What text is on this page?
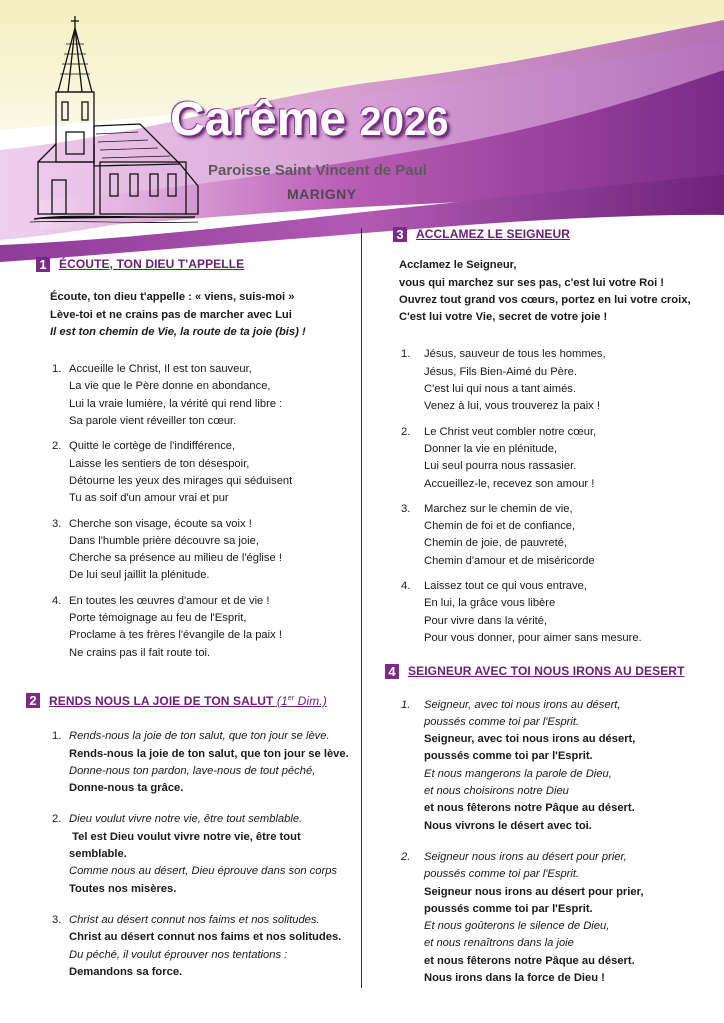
Carême 2026
Paroisse Saint Vincent de Paul
MARIGNY
1 ÉCOUTE, TON DIEU T'APPELLE
Écoute, ton dieu t'appelle : « viens, suis-moi »
Lève-toi et ne crains pas de marcher avec Lui
Il est ton chemin de Vie, la route de ta joie (bis) !
1. Accueille le Christ, Il est ton sauveur,
La vie que le Père donne en abondance,
Lui la vraie lumière, la vérité qui rend libre :
Sa parole vient réveiller ton cœur.
2. Quitte le cortège de l'indifférence,
Laisse les sentiers de ton désespoir,
Détourne les yeux des mirages qui séduisent
Tu as soif d'un amour vrai et pur
3. Cherche son visage, écoute sa voix !
Dans l'humble prière découvre sa joie,
Cherche sa présence au milieu de l'église !
De lui seul jaillit la plénitude.
4. En toutes les œuvres d'amour et de vie !
Porte témoignage au feu de l'Esprit,
Proclame à tes frères l'évangile de la paix !
Ne crains pas il fait route toi.
2 RENDS NOUS LA JOIE DE TON SALUT (1er Dim.)
1. Rends-nous la joie de ton salut, que ton jour se lève.
Rends-nous la joie de ton salut, que ton jour se lève.
Donne-nous ton pardon, lave-nous de tout péché,
Donne-nous ta grâce.
2. Dieu voulut vivre notre vie, être tout semblable.
Tel est Dieu voulut vivre notre vie, être tout semblable.
Comme nous au désert, Dieu éprouve dans son corps
Toutes nos misères.
3. Christ au désert connut nos faims et nos solitudes.
Christ au désert connut nos faims et nos solitudes.
Du péché, il voulut éprouver nos tentations :
Demandons sa force.
3 ACCLAMEZ LE SEIGNEUR
Acclamez le Seigneur,
vous qui marchez sur ses pas, c'est lui votre Roi !
Ouvrez tout grand vos cœurs, portez en lui votre croix,
C'est lui votre Vie, secret de votre joie !
1. Jésus, sauveur de tous les hommes,
Jésus, Fils Bien-Aimé du Père.
C'est lui qui nous a tant aimés.
Venez à lui, vous trouverez la paix !
2. Le Christ veut combler notre cœur,
Donner la vie en plénitude,
Lui seul pourra nous rassasier.
Accueillez-le, recevez son amour !
3. Marchez sur le chemin de vie,
Chemin de foi et de confiance,
Chemin de joie, de pauvreté,
Chemin d'amour et de miséricorde
4. Laissez tout ce qui vous entrave,
En lui, la grâce vous libère
Pour vivre dans la vérité,
Pour vous donner, pour aimer sans mesure.
4 SEIGNEUR AVEC TOI NOUS IRONS AU DESERT
1. Seigneur, avec toi nous irons au désert,
poussés comme toi par l'Esprit.
Seigneur, avec toi nous irons au désert,
poussés comme toi par l'Esprit.
Et nous mangerons la parole de Dieu,
et nous choisirons notre Dieu
et nous fêterons notre Pâque au désert.
Nous vivrons le désert avec toi.
2. Seigneur nous irons au désert pour prier,
poussés comme toi par l'Esprit.
Seigneur nous irons au désert pour prier,
poussés comme toi par l'Esprit.
Et nous goûterons le silence de Dieu,
et nous renaîtrons dans la joie
et nous fêterons notre Pâque au désert.
Nous irons dans la force de Dieu !
